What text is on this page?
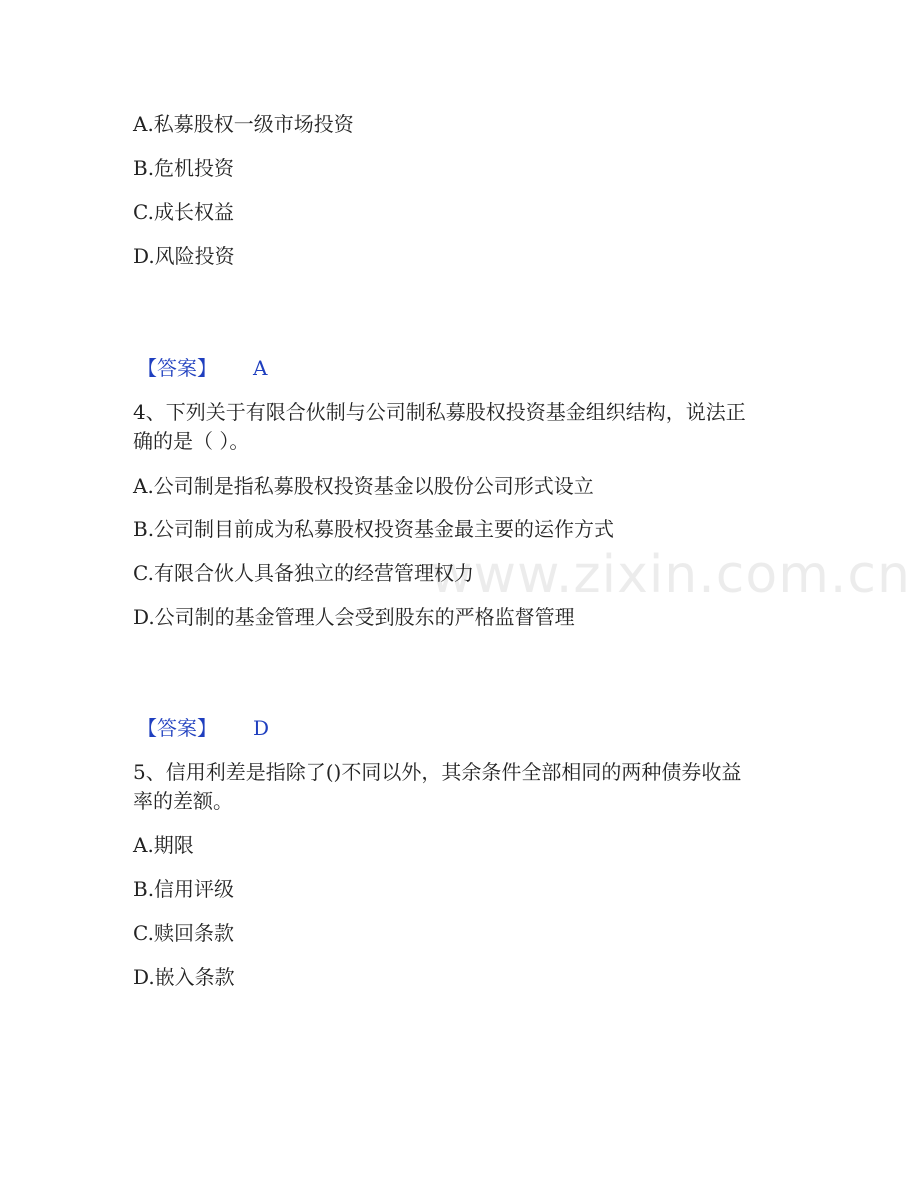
www.zixin.com.cn
A.私募股权一级市场投资
B.危机投资
C.成长权益
D.风险投资
【答案】 A
4、下列关于有限合伙制与公司制私募股权投资基金组织结构，说法正
确的是（ ）。
A.公司制是指私募股权投资基金以股份公司形式设立
B.公司制目前成为私募股权投资基金最主要的运作方式
C.有限合伙人具备独立的经营管理权力
D.公司制的基金管理人会受到股东的严格监督管理
【答案】 D
5、信用利差是指除了()不同以外，其余条件全部相同的两种债券收益
率的差额。
A.期限
B.信用评级
C.赎回条款
D.嵌入条款
